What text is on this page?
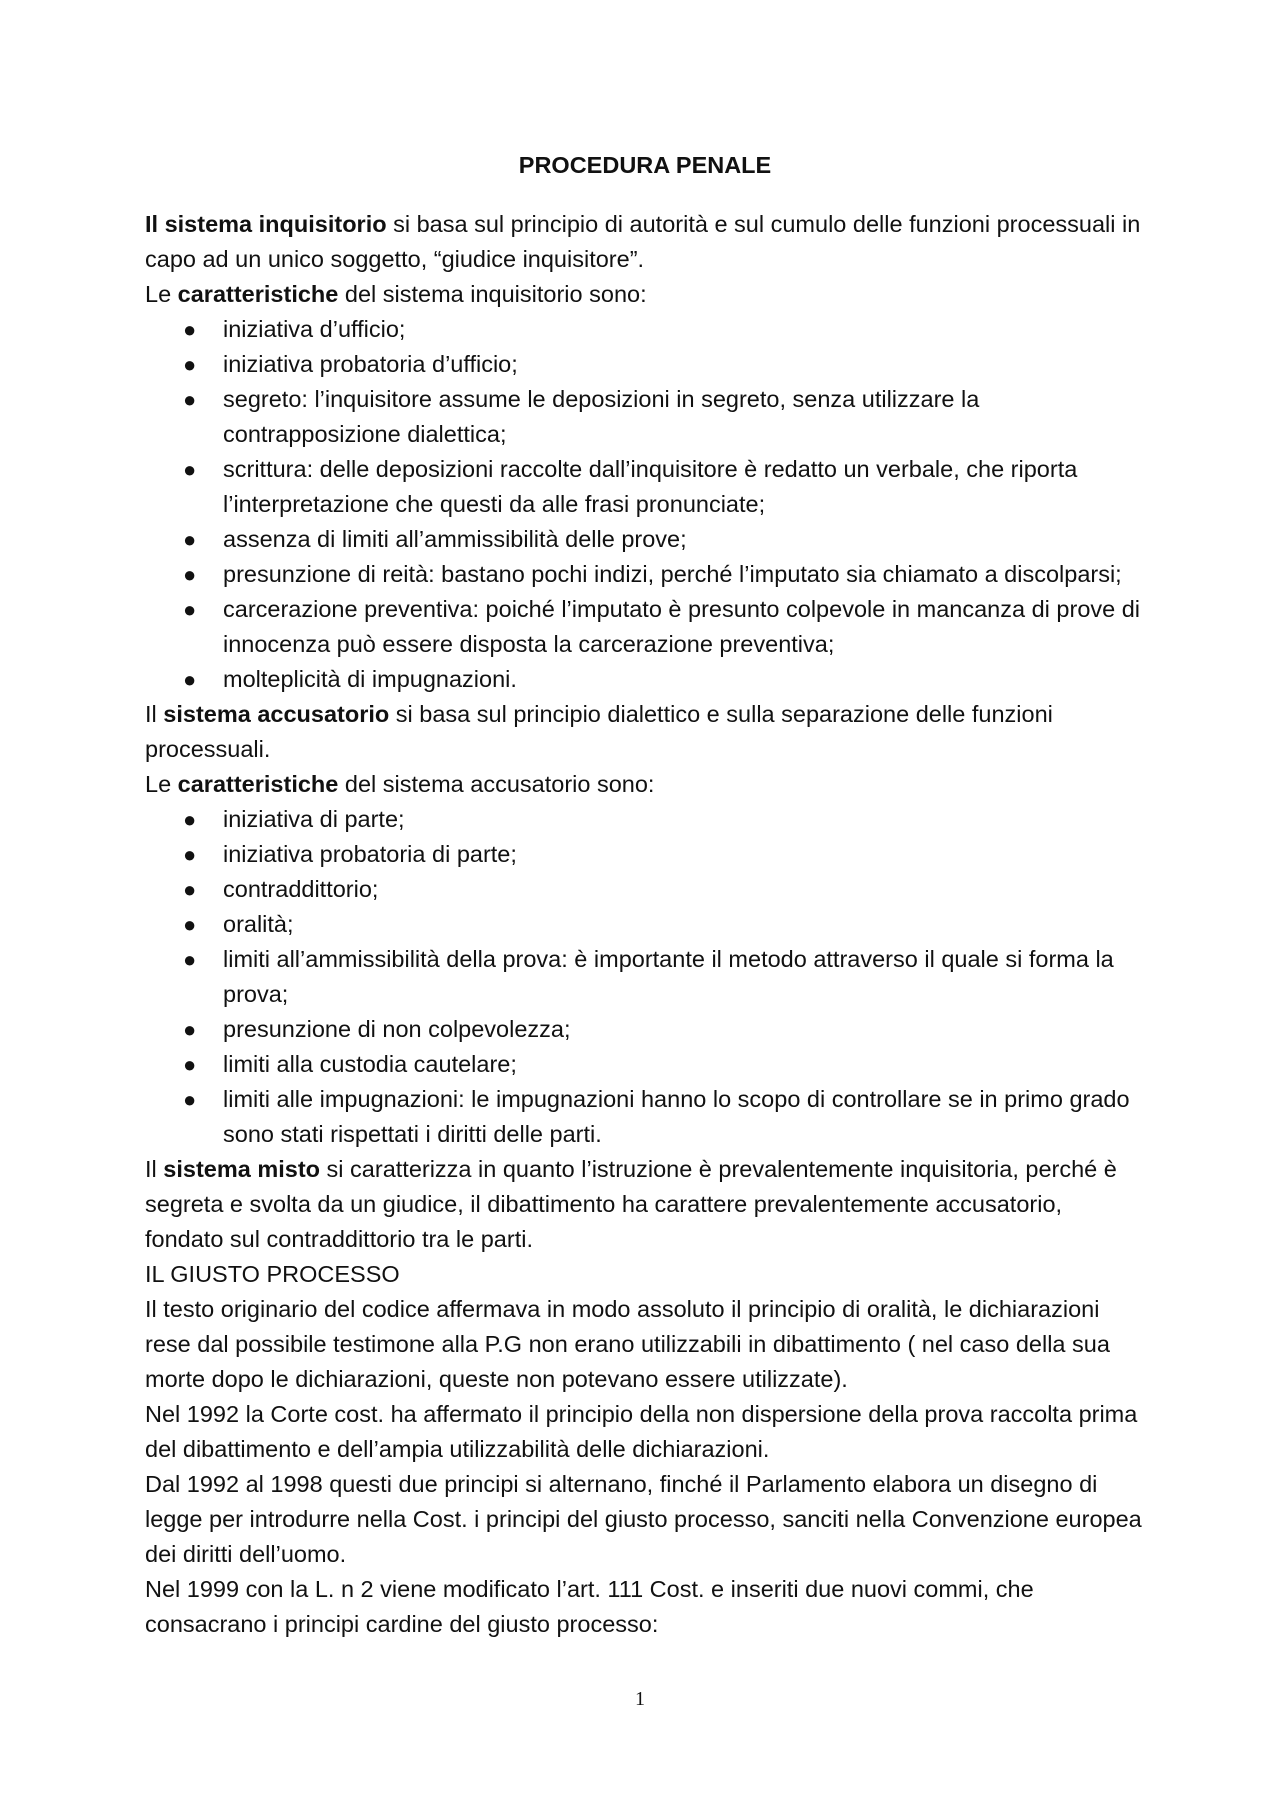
PROCEDURA PENALE

Il sistema inquisitorio si basa sul principio di autorità e sul cumulo delle funzioni processuali in capo ad un unico soggetto, “giudice inquisitore”.

Le caratteristiche del sistema inquisitorio sono:

● iniziativa d’ufficio;
● iniziativa probatoria d’ufficio;
● segreto: l’inquisitore assume le deposizioni in segreto, senza utilizzare la contrapposizione dialettica;
● scrittura: delle deposizioni raccolte dall’inquisitore è redatto un verbale, che riporta l’interpretazione che questi da alle frasi pronunciate;
● assenza di limiti all’ammissibilità delle prove;
● presunzione di reità: bastano pochi indizi, perché l’imputato sia chiamato a discolparsi;
● carcerazione preventiva: poiché l’imputato è presunto colpevole in mancanza di prove di innocenza può essere disposta la carcerazione preventiva;
● molteplicità di impugnazioni.

Il sistema accusatorio si basa sul principio dialettico e sulla separazione delle funzioni processuali.

Le caratteristiche del sistema accusatorio sono:

● iniziativa di parte;
● iniziativa probatoria di parte;
● contraddittorio;
● oralità;
● limiti all’ammissibilità della prova: è importante il metodo attraverso il quale si forma la prova;
● presunzione di non colpevolezza;
● limiti alla custodia cautelare;
● limiti alle impugnazioni: le impugnazioni hanno lo scopo di controllare se in primo grado sono stati rispettati i diritti delle parti.

Il sistema misto si caratterizza in quanto l’istruzione è prevalentemente inquisitoria, perché è segreta e svolta da un giudice, il dibattimento ha carattere prevalentemente accusatorio, fondato sul contraddittorio tra le parti.

IL GIUSTO PROCESSO

Il testo originario del codice affermava in modo assoluto il principio di oralità, le dichiarazioni rese dal possibile testimone alla P.G non erano utilizzabili in dibattimento ( nel caso della sua morte dopo le dichiarazioni, queste non potevano essere utilizzate).

Nel 1992 la Corte cost. ha affermato il principio della non dispersione della prova raccolta prima del dibattimento e dell’ampia utilizzabilità delle dichiarazioni.

Dal 1992 al 1998 questi due principi si alternano, finché il Parlamento elabora un disegno di legge per introdurre nella Cost. i principi del giusto processo, sanciti nella Convenzione europea dei diritti dell’uomo.

Nel 1999 con la L. n 2 viene modificato l’art. 111 Cost. e inseriti due nuovi commi, che consacrano i principi cardine del giusto processo:

1
